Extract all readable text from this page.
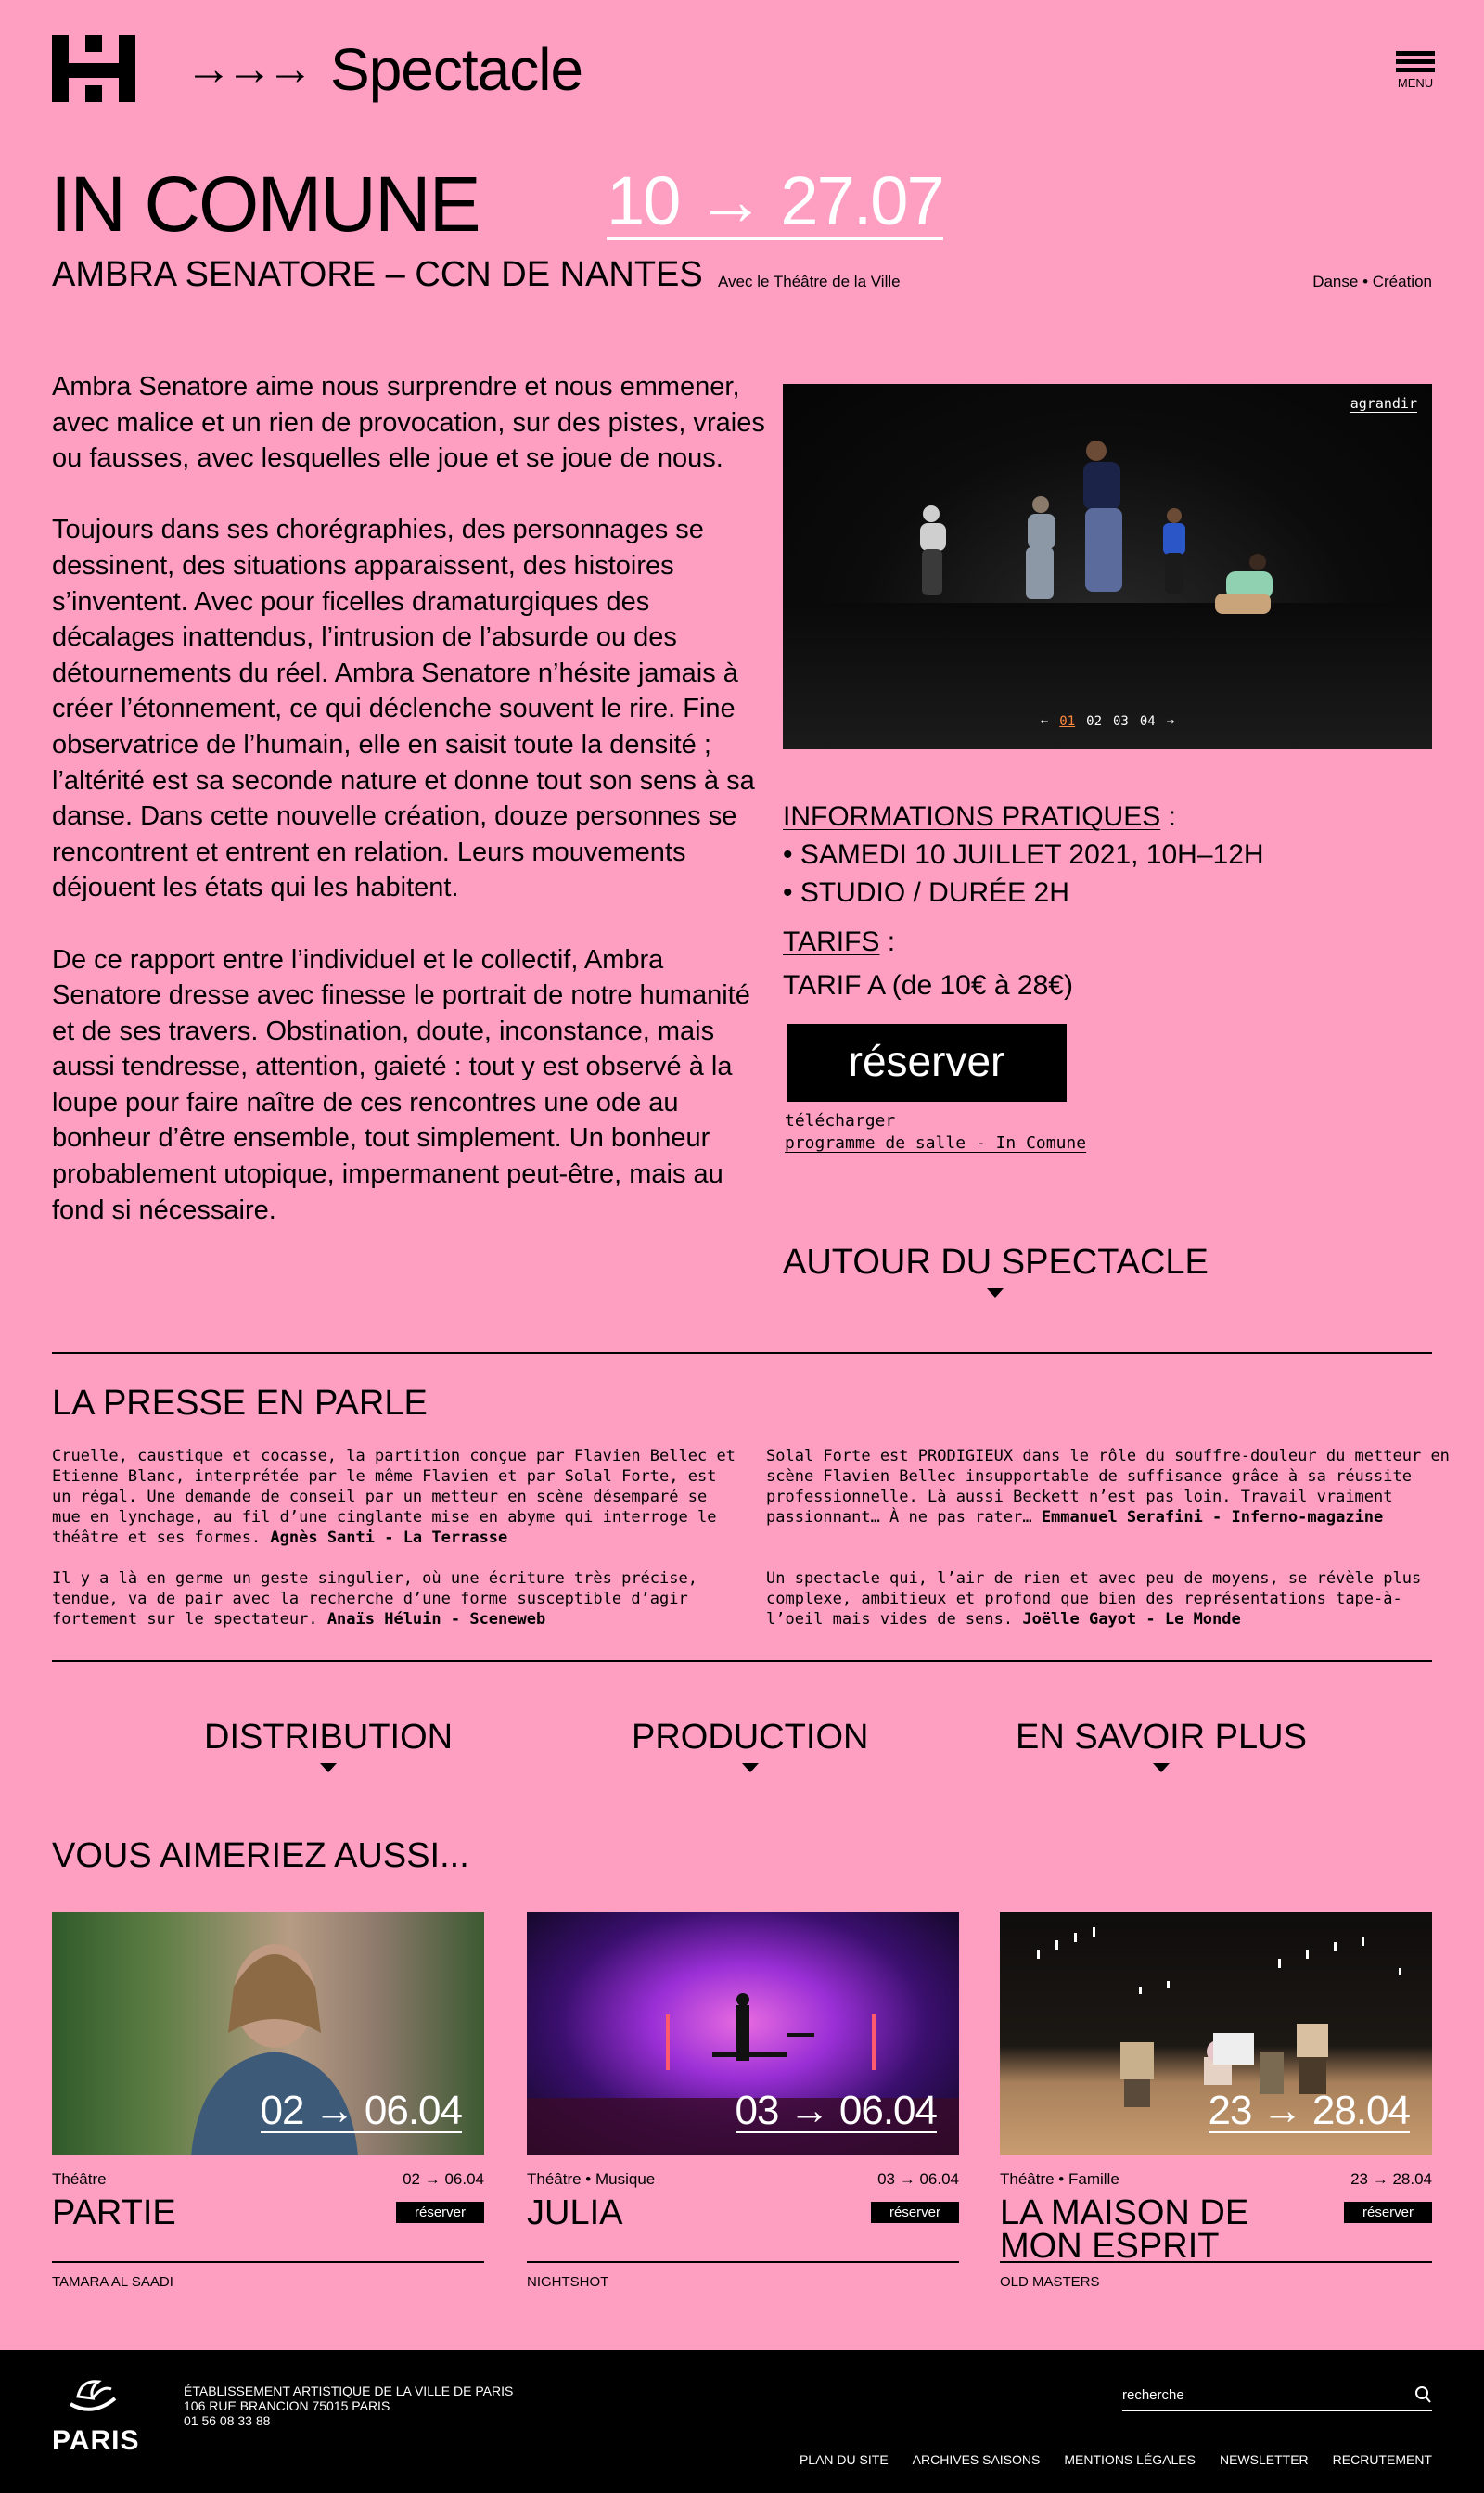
→→→ Spectacle	MENU
IN COMUNE 10 → 27.07
AMBRA SENATORE – CCN DE NANTES Avec le Théâtre de la Ville	Danse • Création

Ambra Senatore aime nous surprendre et nous emmener, avec malice et un rien de provocation, sur des pistes, vraies ou fausses, avec lesquelles elle joue et se joue de nous.

Toujours dans ses chorégraphies, des personnages se dessinent, des situations apparaissent, des histoires s’inventent. Avec pour ficelles dramaturgiques des décalages inattendus, l’intrusion de l’absurde ou des détournements du réel. Ambra Senatore n’hésite jamais à créer l’étonnement, ce qui déclenche souvent le rire. Fine observatrice de l’humain, elle en saisit toute la densité ; l’altérité est sa seconde nature et donne tout son sens à sa danse. Dans cette nouvelle création, douze personnes se rencontrent et entrent en relation. Leurs mouvements déjouent les états qui les habitent.

De ce rapport entre l’individuel et le collectif, Ambra Senatore dresse avec finesse le portrait de notre humanité et de ses travers. Obstination, doute, inconstance, mais aussi tendresse, attention, gaieté : tout y est observé à la loupe pour faire naître de ces rencontres une ode au bonheur d’être ensemble, tout simplement. Un bonheur probablement utopique, impermanent peut-être, mais au fond si nécessaire.

agrandir
← 01 02 03 04 →
INFORMATIONS PRATIQUES :
• SAMEDI 10 JUILLET 2021, 10H–12H
• STUDIO / DURÉE 2H
TARIFS :
TARIF A (de 10€ à 28€)
réserver
télécharger
programme de salle - In Comune
AUTOUR DU SPECTACLE
LA PRESSE EN PARLE
Cruelle, caustique et cocasse, la partition conçue par Flavien Bellec et Etienne Blanc, interprétée par le même Flavien et par Solal Forte, est un régal. Une demande de conseil par un metteur en scène désemparé se mue en lynchage, au fil d’une cinglante mise en abyme qui interroge le théâtre et ses formes. Agnès Santi - La Terrasse
Il y a là en germe un geste singulier, où une écriture très précise, tendue, va de pair avec la recherche d’une forme susceptible d’agir fortement sur le spectateur. Anaïs Héluin - Sceneweb
Solal Forte est PRODIGIEUX dans le rôle du souffre-douleur du metteur en scène Flavien Bellec insupportable de suffisance grâce à sa réussite professionnelle. Là aussi Beckett n’est pas loin. Travail vraiment passionnant… À ne pas rater… Emmanuel Serafini - Inferno-magazine
Un spectacle qui, l’air de rien et avec peu de moyens, se révèle plus complexe, ambitieux et profond que bien des représentations tape-à-l’oeil mais vides de sens. Joëlle Gayot - Le Monde
DISTRIBUTION	PRODUCTION	EN SAVOIR PLUS
VOUS AIMERIEZ AUSSI...
02 → 06.04
Théâtre	02 → 06.04
PARTIE	réserver
TAMARA AL SAADI
03 → 06.04
Théâtre • Musique	03 → 06.04
JULIA	réserver
NIGHTSHOT
23 → 28.04
Théâtre • Famille	23 → 28.04
LA MAISON DE MON ESPRIT
réserver
OLD MASTERS
PARIS
ÉTABLISSEMENT ARTISTIQUE DE LA VILLE DE PARIS
106 RUE BRANCION 75015 PARIS
01 56 08 33 88
recherche
PLAN DU SITE ARCHIVES SAISONS MENTIONS LÉGALES NEWSLETTER RECRUTEMENT
